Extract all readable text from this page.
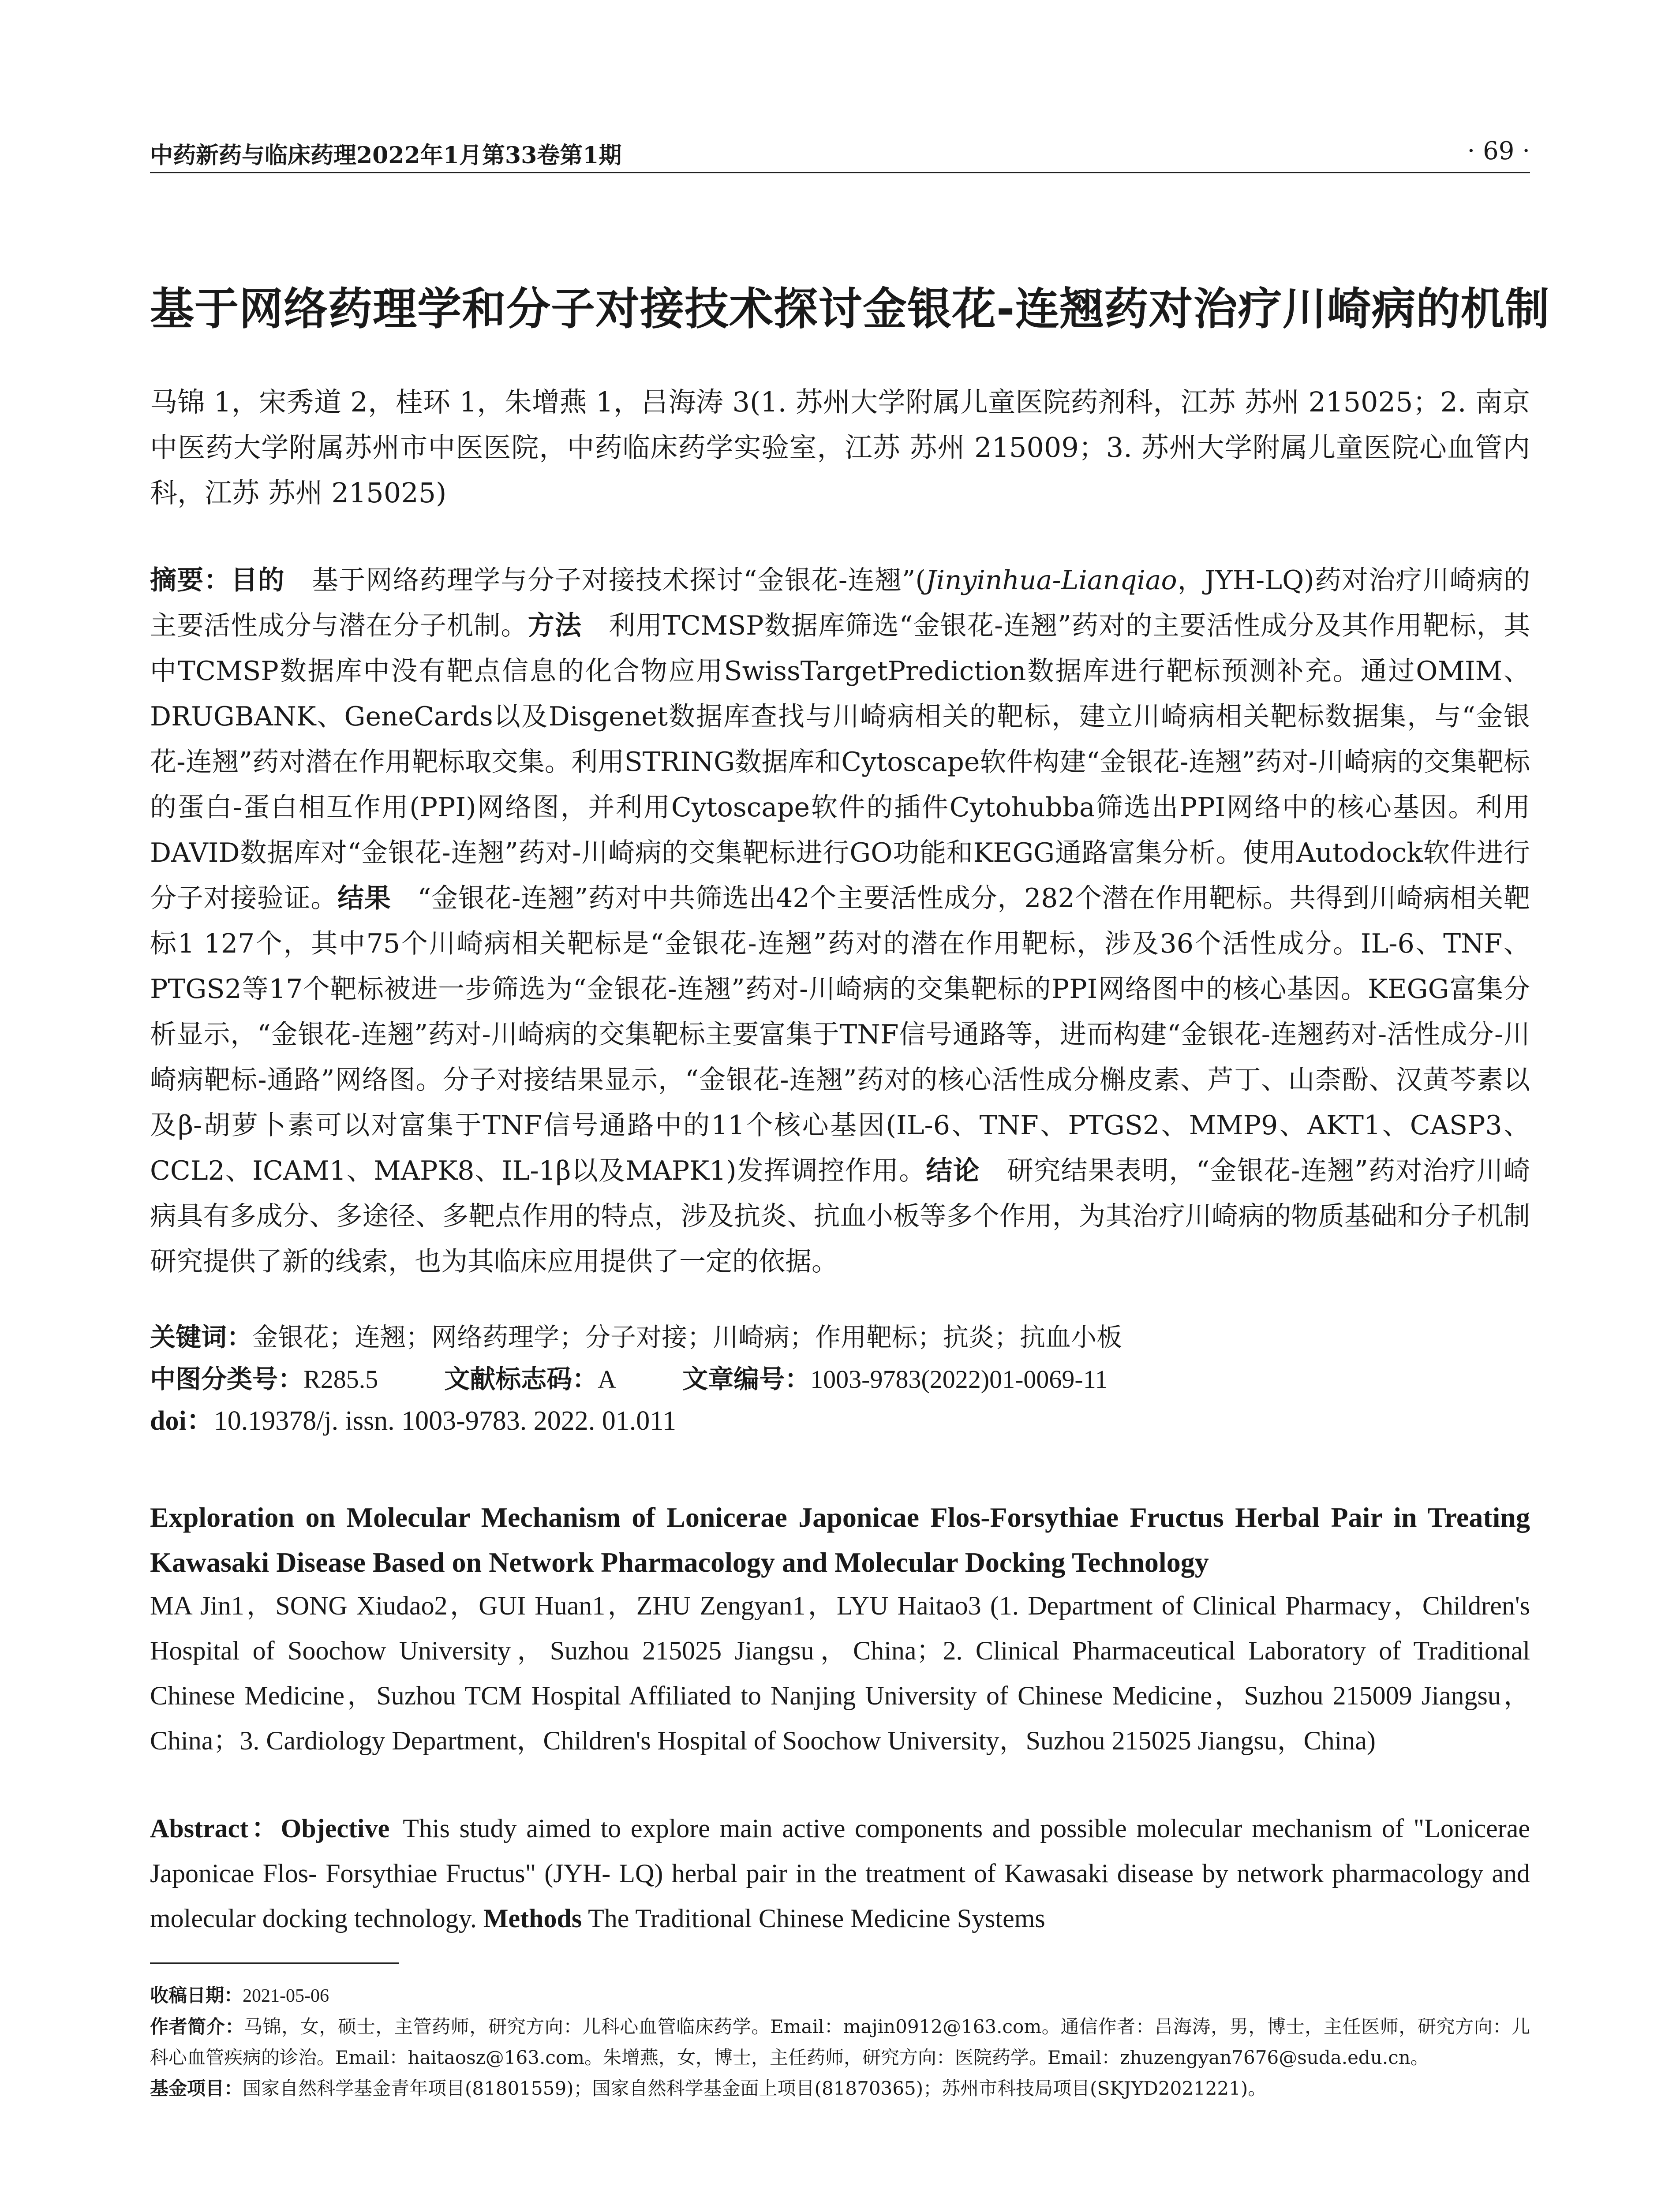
中药新药与临床药理2022年1月第33卷第1期	· 69 ·
基于网络药理学和分子对接技术探讨金银花-连翘药对治疗川崎病的机制
马锦 1，宋秀道 2，桂环 1，朱增燕 1，吕海涛 3(1. 苏州大学附属儿童医院药剂科，江苏 苏州 215025；2. 南京中医药大学附属苏州市中医医院，中药临床药学实验室，江苏 苏州 215009；3. 苏州大学附属儿童医院心血管内科，江苏 苏州 215025)
摘要：目的  基于网络药理学与分子对接技术探讨“金银花-连翘”(Jinyinhua-Lianqiao，JYH-LQ)药对治疗川崎病的主要活性成分与潜在分子机制。方法  利用TCMSP数据库筛选“金银花-连翘”药对的主要活性成分及其作用靶标，其中TCMSP数据库中没有靶点信息的化合物应用SwissTargetPrediction数据库进行靶标预测补充。通过OMIM、DRUGBANK、GeneCards以及Disgenet数据库查找与川崎病相关的靶标，建立川崎病相关靶标数据集，与“金银花-连翘”药对潜在作用靶标取交集。利用STRING数据库和Cytoscape软件构建“金银花-连翘”药对-川崎病的交集靶标的蛋白-蛋白相互作用(PPI)网络图，并利用Cytoscape软件的插件Cytohubba筛选出PPI网络中的核心基因。利用DAVID数据库对“金银花-连翘”药对-川崎病的交集靶标进行GO功能和KEGG通路富集分析。使用Autodock软件进行分子对接验证。结果  “金银花-连翘”药对中共筛选出42个主要活性成分，282个潜在作用靶标。共得到川崎病相关靶标1 127个，其中75个川崎病相关靶标是“金银花-连翘”药对的潜在作用靶标，涉及36个活性成分。IL-6、TNF、PTGS2等17个靶标被进一步筛选为“金银花-连翘”药对-川崎病的交集靶标的PPI网络图中的核心基因。KEGG富集分析显示，“金银花-连翘”药对-川崎病的交集靶标主要富集于TNF信号通路等，进而构建“金银花-连翘药对-活性成分-川崎病靶标-通路”网络图。分子对接结果显示，“金银花-连翘”药对的核心活性成分槲皮素、芦丁、山柰酚、汉黄芩素以及β-胡萝卜素可以对富集于TNF信号通路中的11个核心基因(IL-6、TNF、PTGS2、MMP9、AKT1、CASP3、CCL2、ICAM1、MAPK8、IL-1β以及MAPK1)发挥调控作用。结论  研究结果表明，“金银花-连翘”药对治疗川崎病具有多成分、多途径、多靶点作用的特点，涉及抗炎、抗血小板等多个作用，为其治疗川崎病的物质基础和分子机制研究提供了新的线索，也为其临床应用提供了一定的依据。
关键词：金银花；连翘；网络药理学；分子对接；川崎病；作用靶标；抗炎；抗血小板
中图分类号：R285.5	文献标志码：A	文章编号：1003-9783(2022)01-0069-11
doi：10.19378/j. issn. 1003-9783. 2022. 01.011
Exploration on Molecular Mechanism of Lonicerae Japonicae Flos-Forsythiae Fructus Herbal Pair in Treating Kawasaki Disease Based on Network Pharmacology and Molecular Docking Technology
MA Jin1，SONG Xiudao2，GUI Huan1，ZHU Zengyan1，LYU Haitao3 (1. Department of Clinical Pharmacy，Children's Hospital of Soochow University，Suzhou 215025 Jiangsu，China；2. Clinical Pharmaceutical Laboratory of Traditional Chinese Medicine，Suzhou TCM Hospital Affiliated to Nanjing University of Chinese Medicine，Suzhou 215009 Jiangsu，China；3. Cardiology Department，Children's Hospital of Soochow University，Suzhou 215025 Jiangsu，China)
Abstract：Objective  This study aimed to explore main active components and possible molecular mechanism of "Lonicerae Japonicae Flos- Forsythiae Fructus" (JYH- LQ) herbal pair in the treatment of Kawasaki disease by network pharmacology and molecular docking technology. Methods The Traditional Chinese Medicine Systems

收稿日期：2021-05-06

作者简介：马锦，女，硕士，主管药师，研究方向：儿科心血管临床药学。Email：majin0912@163.com。通信作者：吕海涛，男，博士，主任医师，研究方向：儿科心血管疾病的诊治。Email：haitaosz@163.com。朱增燕，女，博士，主任药师，研究方向：医院药学。Email：zhuzengyan7676@suda.edu.cn。

基金项目：国家自然科学基金青年项目(81801559)；国家自然科学基金面上项目(81870365)；苏州市科技局项目(SKJYD2021221)。
